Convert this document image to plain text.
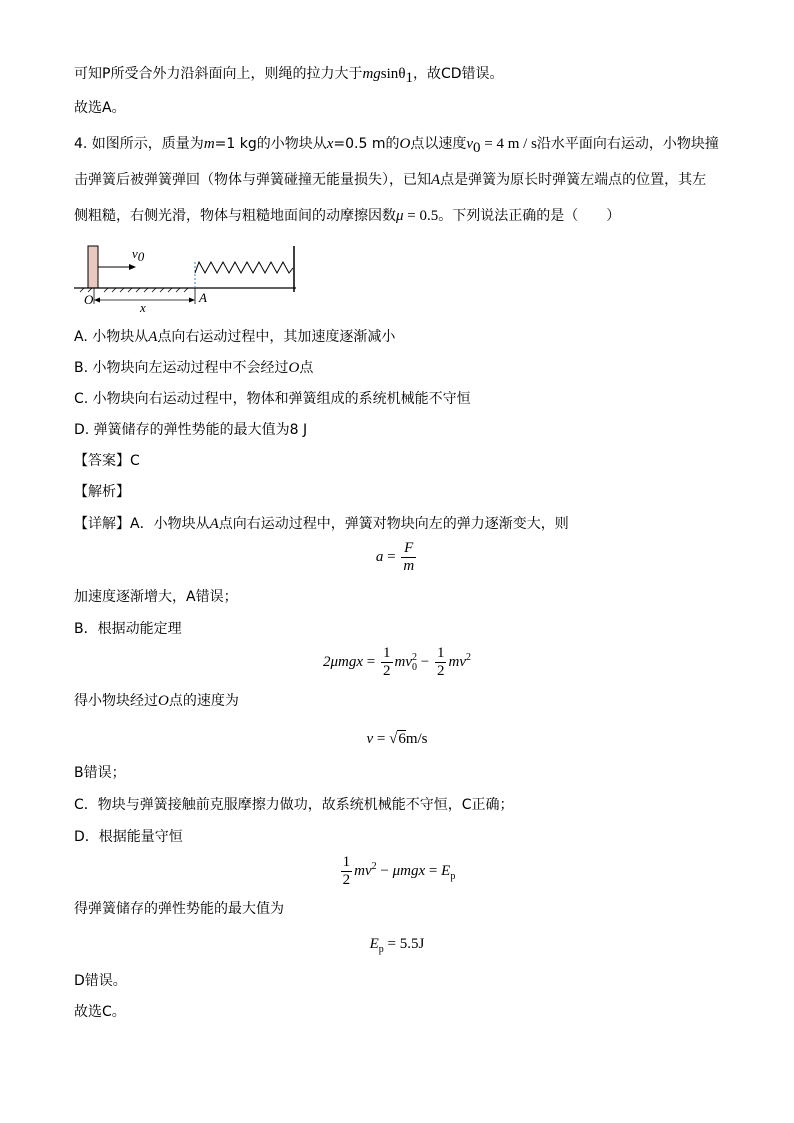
可知P所受合外力沿斜面向上，则绳的拉力大于mgsinθ$_1$，故CD错误。
故选A。
4. 如图所示，质量为m=1 kg的小物块从x=0.5 m的O点以速度$v_0 = 4$ m / s沿水平面向右运动，小物块撞
击弹簧后被弹簧弹回（物体与弹簧碰撞无能量损失），已知A点是弹簧为原长时弹簧左端点的位置，其左
侧粗糙，右侧光滑，物体与粗糙地面间的动摩擦因数μ = 0.5。下列说法正确的是（　　）
v0
O
x
A
A. 小物块从A点向右运动过程中，其加速度逐渐减小
B. 小物块向左运动过程中不会经过O点
C. 小物块向右运动过程中，物体和弹簧组成的系统机械能不守恒
D. 弹簧储存的弹性势能的最大值为8 J
【答案】C
【解析】
【详解】A．小物块从A点向右运动过程中，弹簧对物块向左的弹力逐渐变大，则
$a = \frac{F}{m}$
加速度逐渐增大，A错误；
B．根据动能定理
$2\mu mgx = \frac{1}{2}$ mv 2
$0 - \frac{1}{2} mv^2$
得小物块经过O点的速度为
v = √6m/s
B错误；
C．物块与弹簧接触前克服摩擦力做功，故系统机械能不守恒，C正确；
D．根据能量守恒
$\frac{1}{2} mv^2 - \mu mgx = E_p$
得弹簧储存的弹性势能的最大值为
$E_p = 5.5J$
D错误。
故选C。
